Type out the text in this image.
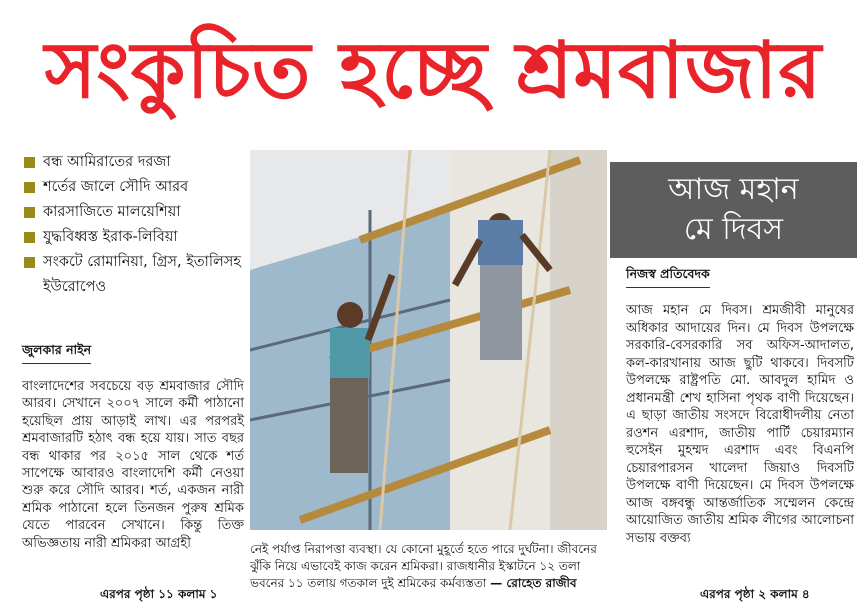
সংকুচিত হচ্ছে শ্রমবাজার
বন্ধ আমিরাতের দরজা
শর্তের জালে সৌদি আরব
কারসাজিতে মালয়েশিয়া
যুদ্ধবিধ্বস্ত ইরাক-লিবিয়া
সংকটে রোমানিয়া, গ্রিস, ইতালিসহ ইউরোপেও
জুলকার নাইন
বাংলাদেশের সবচেয়ে বড় শ্রমবাজার সৌদি আরব। সেখানে ২০০৭ সালে কর্মী পাঠানো হয়েছিল প্রায় আড়াই লাখ। এর পরপরই শ্রমবাজারটি হঠাৎ বন্ধ হয়ে যায়। সাত বছর বন্ধ থাকার পর ২০১৫ সাল থেকে শর্ত সাপেক্ষে আবারও বাংলাদেশি কর্মী নেওয়া শুরু করে সৌদি আরব। শর্ত, একজন নারী শ্রমিক পাঠানো হলে তিনজন পুরুষ শ্রমিক যেতে পারবেন সেখানে। কিন্তু তিক্ত অভিজ্ঞতায় নারী শ্রমিকরা আগ্রহী
এরপর পৃষ্ঠা ১১ কলাম ১
নেই পর্যাপ্ত নিরাপত্তা ব্যবস্থা। যে কোনো মুহূর্তে হতে পারে দুর্ঘটনা। জীবনের ঝুঁকি নিয়ে এভাবেই কাজ করেন শ্রমিকরা। রাজধানীর ইস্কাটনে ১২ তলা ভবনের ১১ তলায় গতকাল দুই শ্রমিকের কর্মব্যস্ততা — রোহেত রাজীব
আজ মহান
মে দিবস
নিজস্ব প্রতিবেদক
আজ মহান মে দিবস। শ্রমজীবী মানুষের অধিকার আদায়ের দিন। মে দিবস উপলক্ষে সরকারি-বেসরকারি সব অফিস-আদালত, কল-কারখানায় আজ ছুটি থাকবে। দিবসটি উপলক্ষে রাষ্ট্রপতি মো. আবদুল হামিদ ও প্রধানমন্ত্রী শেখ হাসিনা পৃথক বাণী দিয়েছেন। এ ছাড়া জাতীয় সংসদে বিরোধীদলীয় নেতা রওশন এরশাদ, জাতীয় পার্টি চেয়ারম্যান হুসেইন মুহম্মদ এরশাদ এবং বিএনপি চেয়ারপারসন খালেদা জিয়াও দিবসটি উপলক্ষে বাণী দিয়েছেন। মে দিবস উপলক্ষে আজ বঙ্গবন্ধু আন্তর্জাতিক সম্মেলন কেন্দ্রে আয়োজিত জাতীয় শ্রমিক লীগের আলোচনা সভায় বক্তব্য
এরপর পৃষ্ঠা ২ কলাম ৪
